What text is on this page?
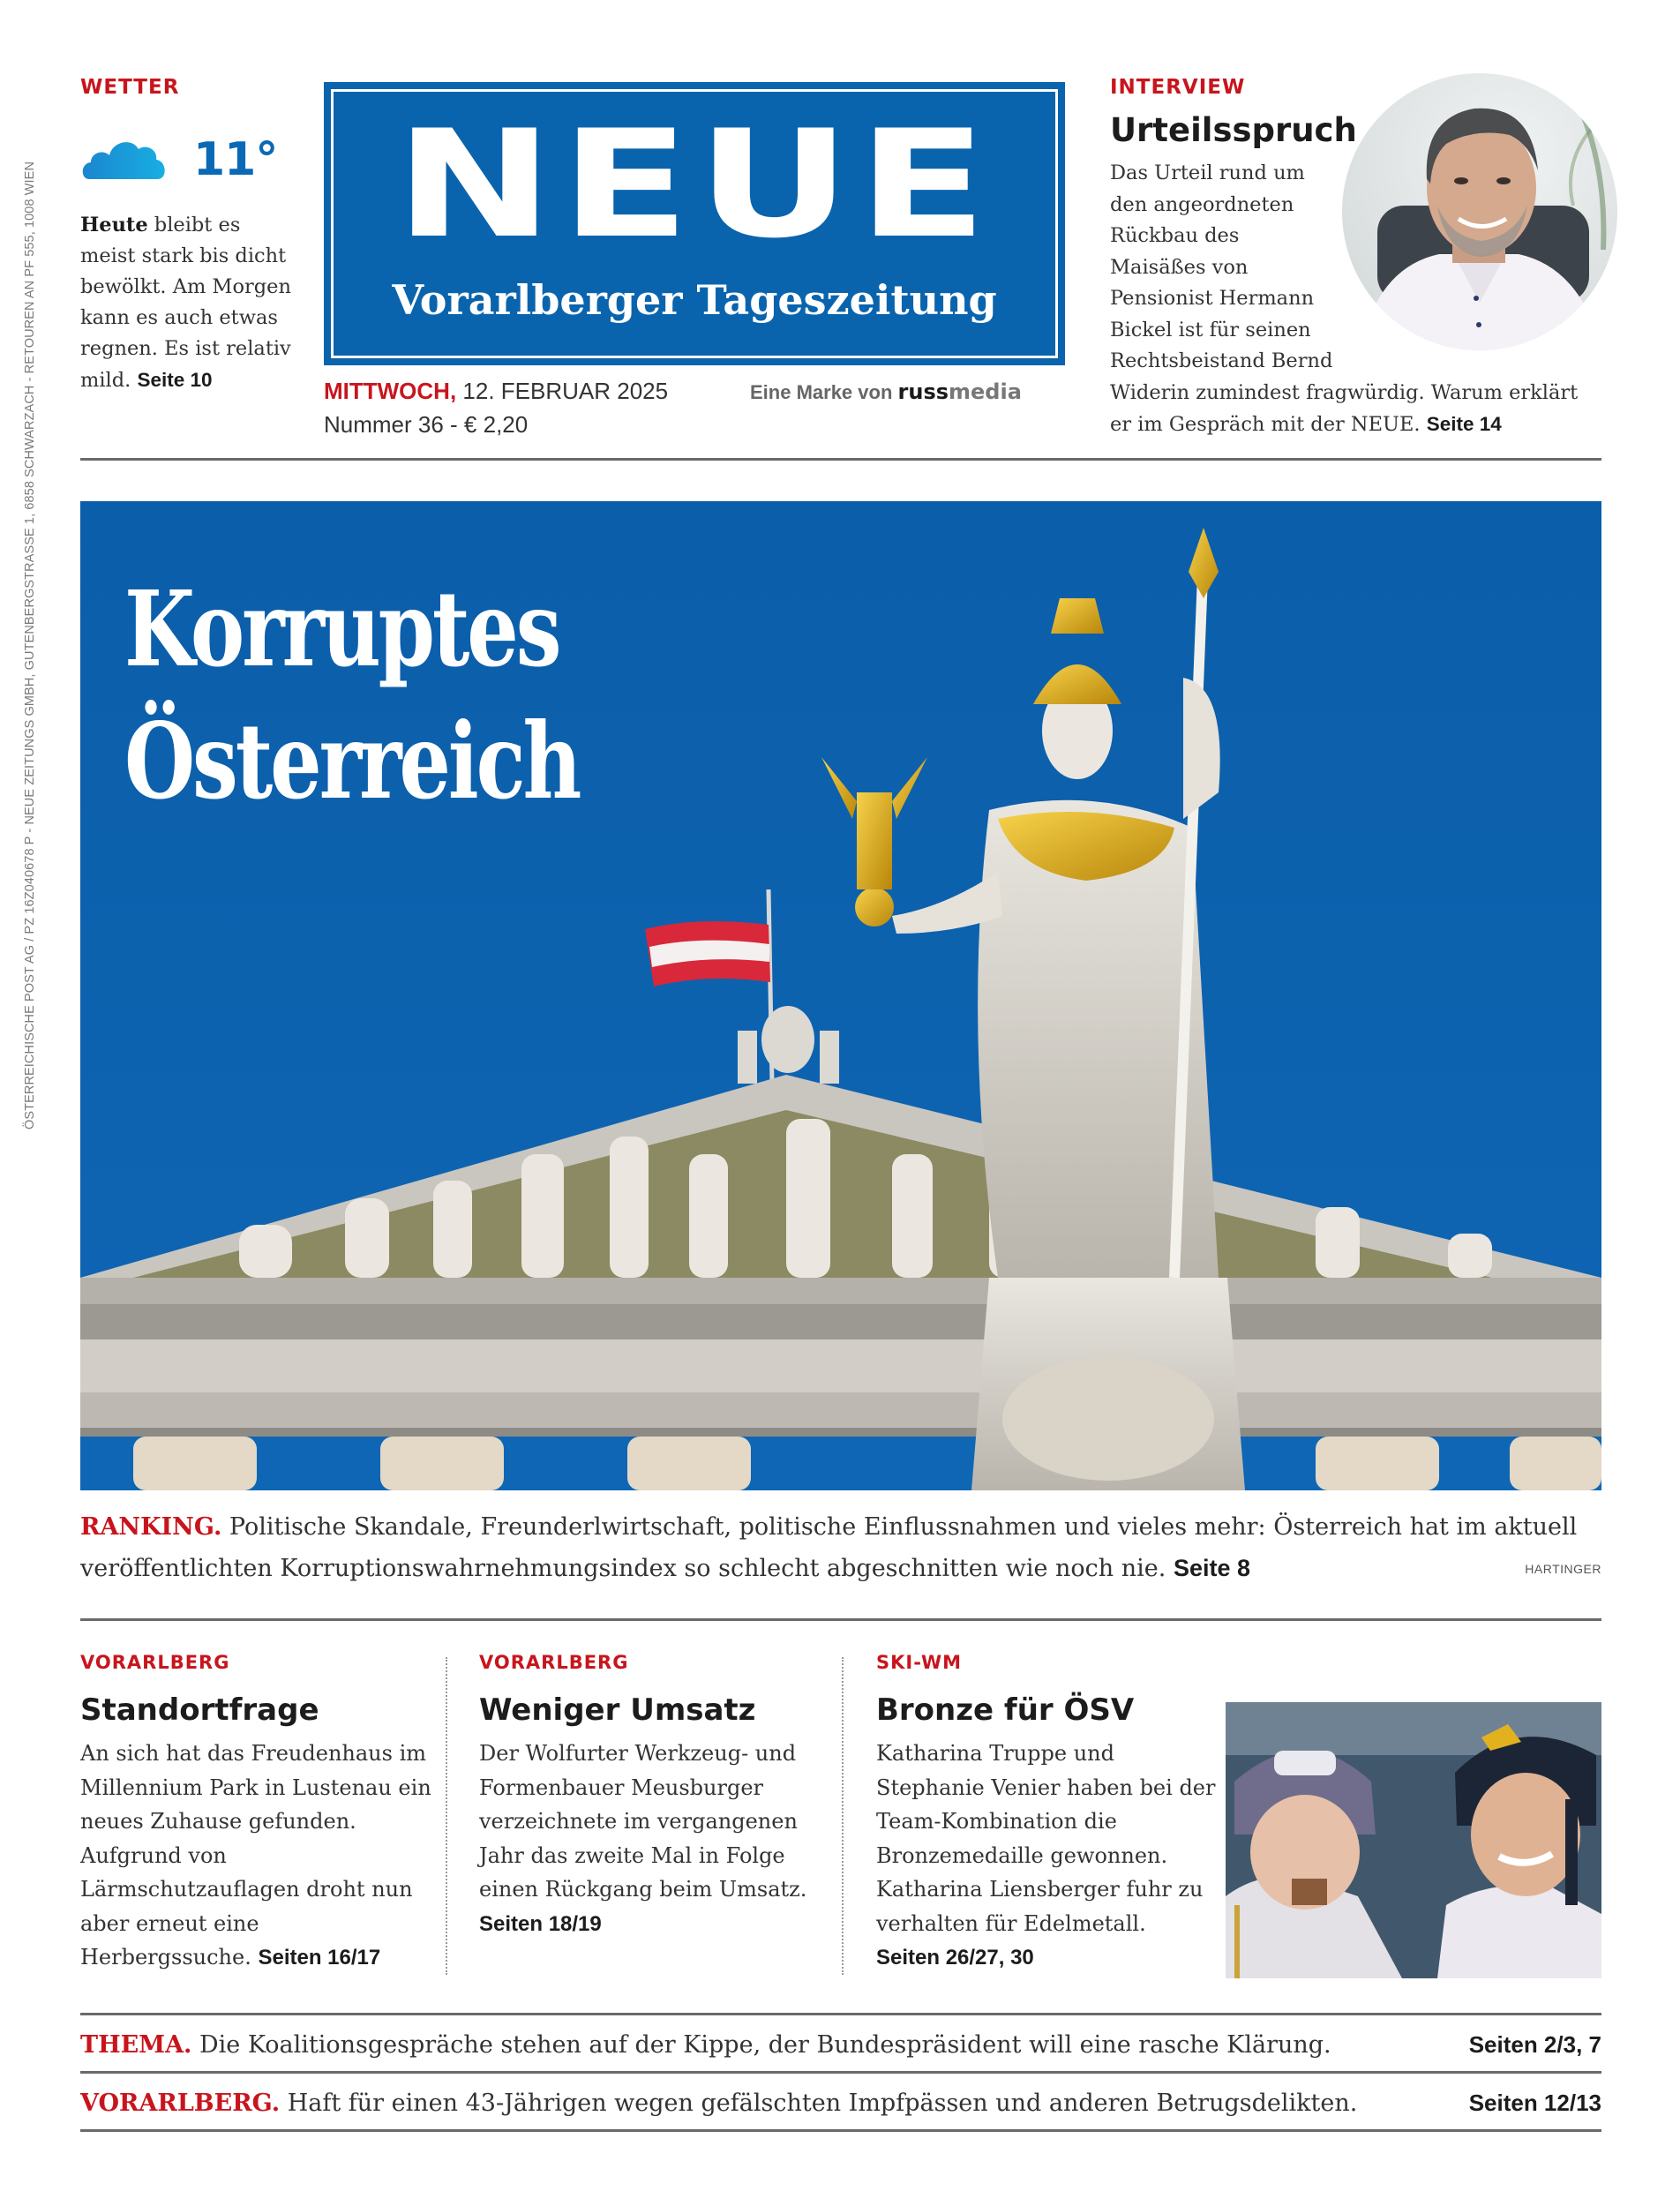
ÖSTERREICHISCHE POST AG / PZ 16Z040678 P - NEUE ZEITUNGS GMBH, GUTENBERGSTRASSE 1, 6858 SCHWARZACH - RETOUREN AN PF 555, 1008 WIEN
WETTER
11°

Heute bleibt es meist stark bis dicht bewölkt. Am Morgen kann es auch etwas regnen. Es ist relativ mild. Seite 10

NEUE
Vorarlberger Tageszeitung
MITTWOCH, 12. FEBRUAR 2025
Nummer 36 - € 2,20
Eine Marke von russmedia
INTERVIEW
Urteilsspruch

Das Urteil rund um den angeordneten Rückbau des Maisäßes von Pensionist Hermann Bickel ist für seinen Rechtsbeistand Bernd
Widerin zumindest fragwürdig. Warum erklärt er im Gespräch mit der NEUE. Seite 14

Korruptes
Österreich

RANKING. Politische Skandale, Freunderlwirtschaft, politische Einflussnahmen und vieles mehr: Österreich hat im aktuell veröffentlichten Korruptionswahrnehmungsindex so schlecht abgeschnitten wie noch nie. Seite 8	HARTINGER
VORARLBERG
Standortfrage

An sich hat das Freudenhaus im Millennium Park in Lustenau ein neues Zuhause gefunden. Aufgrund von Lärmschutzauflagen droht nun aber erneut eine Herbergssuche. Seiten 16/17

VORARLBERG
Weniger Umsatz

Der Wolfurter Werkzeug- und Formenbauer Meusburger verzeichnete im vergangenen Jahr das zweite Mal in Folge einen Rückgang beim Umsatz. Seiten 18/19

SKI-WM
Bronze für ÖSV

Katharina Truppe und Stephanie Venier haben bei der Team-Kombination die Bronzemedaille gewonnen. Katharina Liensberger fuhr zu verhalten für Edelmetall. Seiten 26/27, 30

THEMA. Die Koalitionsgespräche stehen auf der Kippe, der Bundespräsident will eine rasche Klärung.	Seiten 2/3, 7

VORARLBERG. Haft für einen 43-Jährigen wegen gefälschten Impfpässen und anderen Betrugsdelikten.	Seiten 12/13
